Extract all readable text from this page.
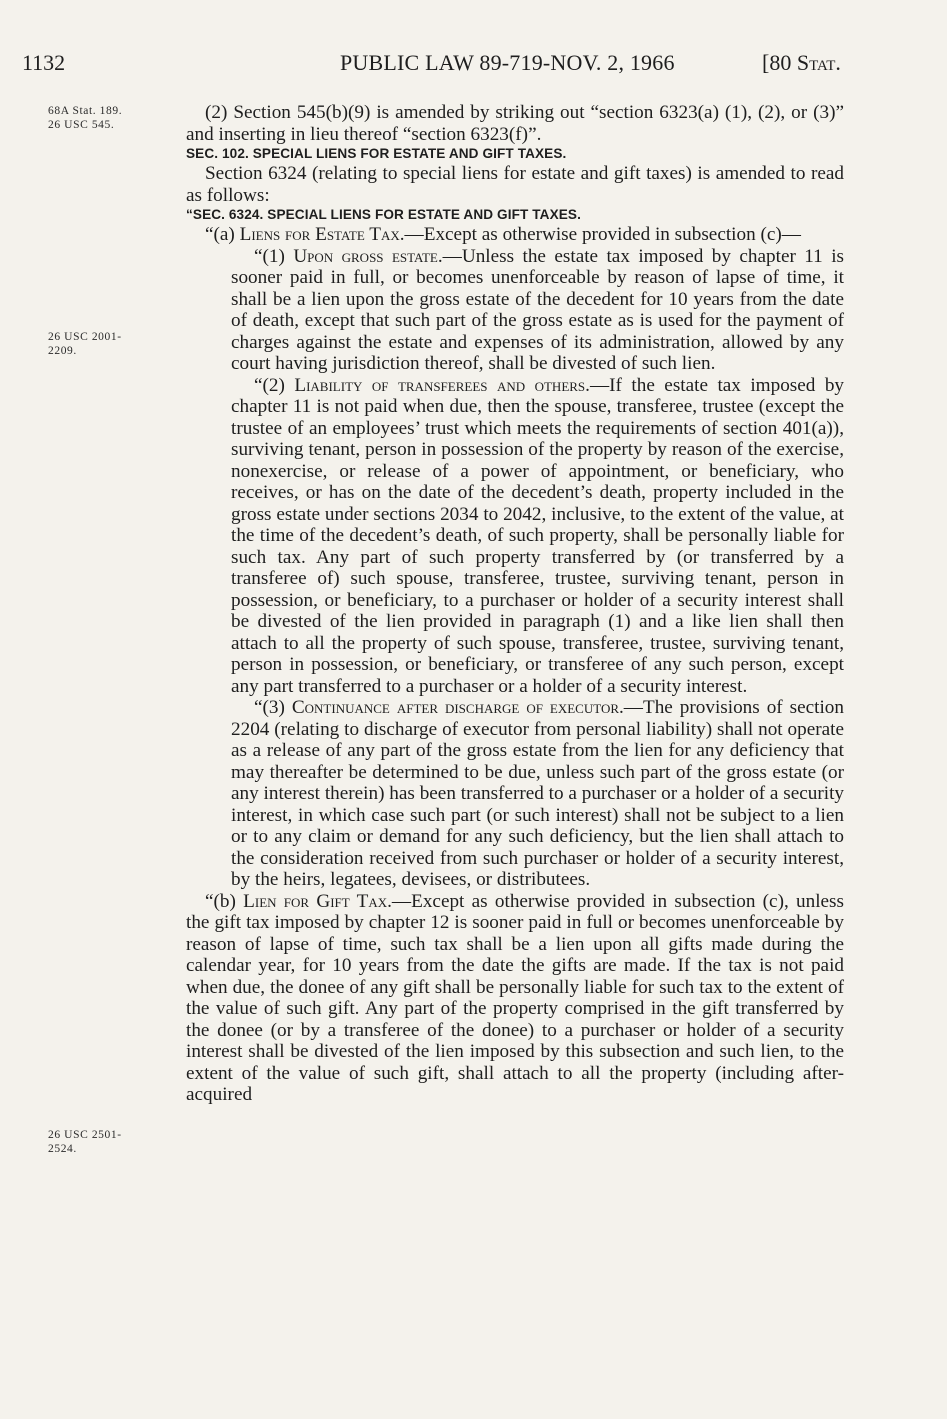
1132	PUBLIC LAW 89-719-NOV. 2, 1966	[80 Stat.
68A Stat. 189.
26 USC 545.
26 USC 2001-
2209.
26 USC 2501-
2524.

(2) Section 545(b)(9) is amended by striking out “section 6323(a) (1), (2), or (3)” and inserting in lieu thereof “section 6323(f)”.

SEC. 102. SPECIAL LIENS FOR ESTATE AND GIFT TAXES.

Section 6324 (relating to special liens for estate and gift taxes) is amended to read as follows:

“SEC. 6324. SPECIAL LIENS FOR ESTATE AND GIFT TAXES.

“(a) Liens for Estate Tax.—Except as otherwise provided in subsection (c)—

“(1) Upon gross estate.—Unless the estate tax imposed by chapter 11 is sooner paid in full, or becomes unenforceable by reason of lapse of time, it shall be a lien upon the gross estate of the decedent for 10 years from the date of death, except that such part of the gross estate as is used for the payment of charges against the estate and expenses of its administration, allowed by any court having jurisdiction thereof, shall be divested of such lien.

“(2) Liability of transferees and others.—If the estate tax imposed by chapter 11 is not paid when due, then the spouse, transferee, trustee (except the trustee of an employees’ trust which meets the requirements of section 401(a)), surviving tenant, person in possession of the property by reason of the exercise, nonexercise, or release of a power of appointment, or beneficiary, who receives, or has on the date of the decedent’s death, property included in the gross estate under sections 2034 to 2042, inclusive, to the extent of the value, at the time of the decedent’s death, of such property, shall be personally liable for such tax. Any part of such property transferred by (or transferred by a transferee of) such spouse, transferee, trustee, surviving tenant, person in possession, or beneficiary, to a purchaser or holder of a security interest shall be divested of the lien provided in paragraph (1) and a like lien shall then attach to all the property of such spouse, transferee, trustee, surviving tenant, person in possession, or beneficiary, or transferee of any such person, except any part transferred to a purchaser or a holder of a security interest.

“(3) Continuance after discharge of executor.—The provisions of section 2204 (relating to discharge of executor from personal liability) shall not operate as a release of any part of the gross estate from the lien for any deficiency that may thereafter be determined to be due, unless such part of the gross estate (or any interest therein) has been transferred to a purchaser or a holder of a security interest, in which case such part (or such interest) shall not be subject to a lien or to any claim or demand for any such deficiency, but the lien shall attach to the consideration received from such purchaser or holder of a security interest, by the heirs, legatees, devisees, or distributees.

“(b) Lien for Gift Tax.—Except as otherwise provided in subsection (c), unless the gift tax imposed by chapter 12 is sooner paid in full or becomes unenforceable by reason of lapse of time, such tax shall be a lien upon all gifts made during the calendar year, for 10 years from the date the gifts are made. If the tax is not paid when due, the donee of any gift shall be personally liable for such tax to the extent of the value of such gift. Any part of the property comprised in the gift transferred by the donee (or by a transferee of the donee) to a purchaser or holder of a security interest shall be divested of the lien imposed by this subsection and such lien, to the extent of the value of such gift, shall attach to all the property (including after-acquired
